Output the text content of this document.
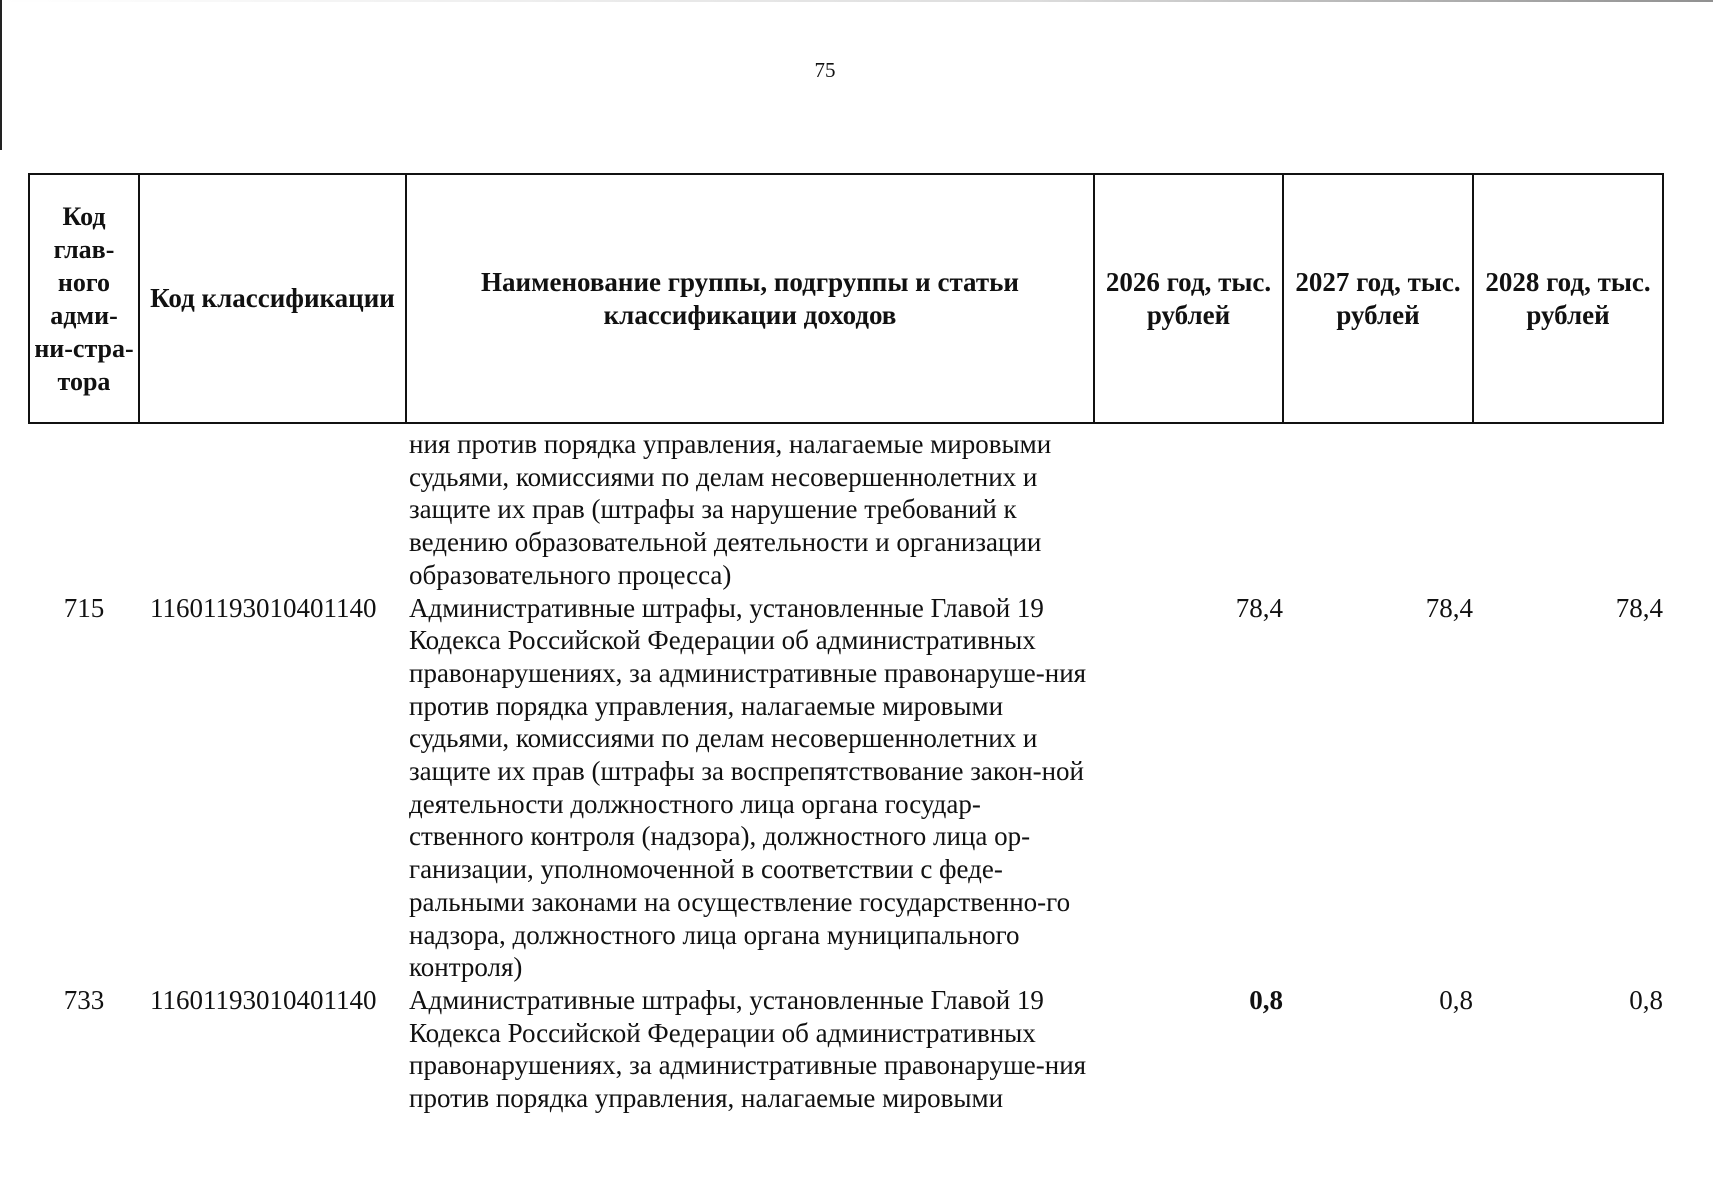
75
Код глав-ного адми-ни-стра-тора	Код классификации	Наименование группы, подгруппы и статьи классификации доходов	2026 год, тыс. рублей	2027 год, тыс. рублей	2028 год, тыс. рублей
		ния против порядка управления, налагаемые мировыми судьями, комиссиями по делам несовершеннолетних и защите их прав (штрафы за нарушение требований к ведению образовательной деятельности и организации образовательного процесса)			
715	11601193010401140	Административные штрафы, установленные Главой 19 Кодекса Российской Федерации об административных правонарушениях, за административные правонаруше-ния против порядка управления, налагаемые мировыми судьями, комиссиями по делам несовершеннолетних и защите их прав (штрафы за воспрепятствование закон-ной деятельности должностного лица органа государ-ственного контроля (надзора), должностного лица ор-ганизации, уполномоченной в соответствии с феде-ральными законами на осуществление государственно-го надзора, должностного лица органа муниципального контроля)	78,4	78,4	78,4
733	11601193010401140	Административные штрафы, установленные Главой 19 Кодекса Российской Федерации об административных правонарушениях, за административные правонаруше-ния против порядка управления, налагаемые мировыми	0,8	0,8	0,8
